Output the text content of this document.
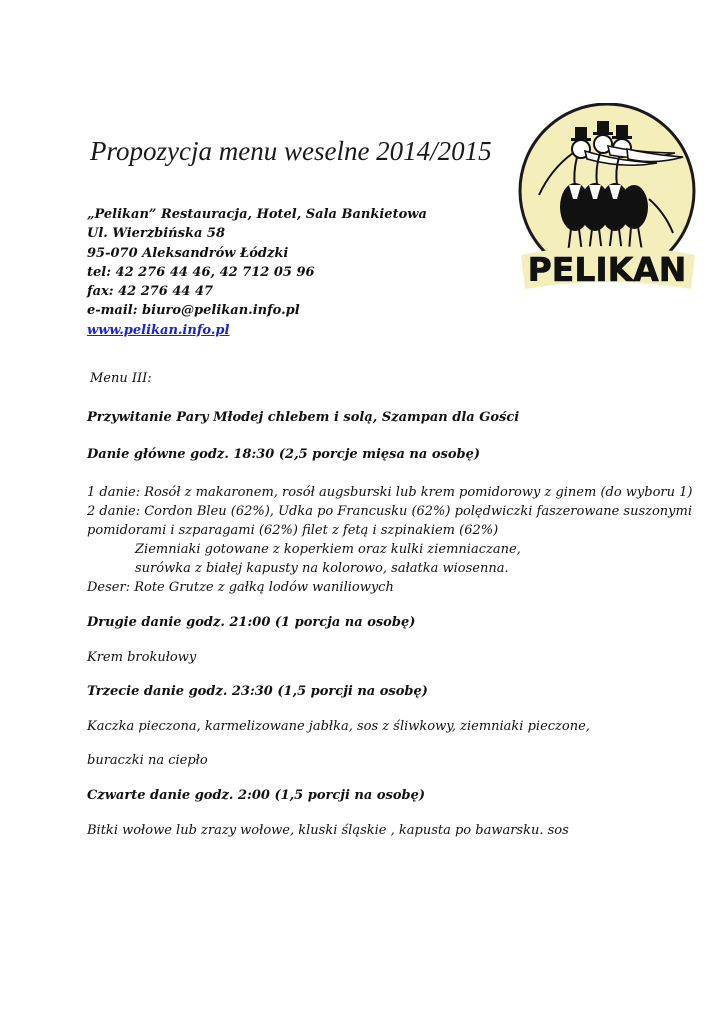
Propozycja menu weselne 2014/2015
„Pelikan” Restauracja, Hotel, Sala Bankietowa
Ul. Wierzbińska 58
95-070 Aleksandrów Łódzki
tel: 42 276 44 46, 42 712 05 96
fax: 42 276 44 47
e-mail: biuro@pelikan.info.pl
www.pelikan.info.pl
PELIKAN
Menu III:
Przywitanie Pary Młodej chlebem i solą, Szampan dla Gości
Danie główne godz. 18:30 (2,5 porcje mięsa na osobę)
1 danie: Rosół z makaronem, rosół augsburski lub krem pomidorowy z ginem (do wyboru 1)
2 danie: Cordon Bleu (62%), Udka po Francusku (62%) polędwiczki faszerowane suszonymi
pomidorami i szparagami (62%) filet z fetą i szpinakiem (62%)
Ziemniaki gotowane z koperkiem oraz kulki ziemniaczane,
surówka z białej kapusty na kolorowo, sałatka wiosenna.
Deser: Rote Grutze z gałką lodów waniliowych
Drugie danie godz. 21:00 (1 porcja na osobę)
Krem brokułowy
Trzecie danie godz. 23:30 (1,5 porcji na osobę)
Kaczka pieczona, karmelizowane jabłka, sos z śliwkowy, ziemniaki pieczone,
buraczki na ciepło
Czwarte danie godz. 2:00 (1,5 porcji na osobę)
Bitki wołowe lub zrazy wołowe, kluski śląskie , kapusta po bawarsku. sos
